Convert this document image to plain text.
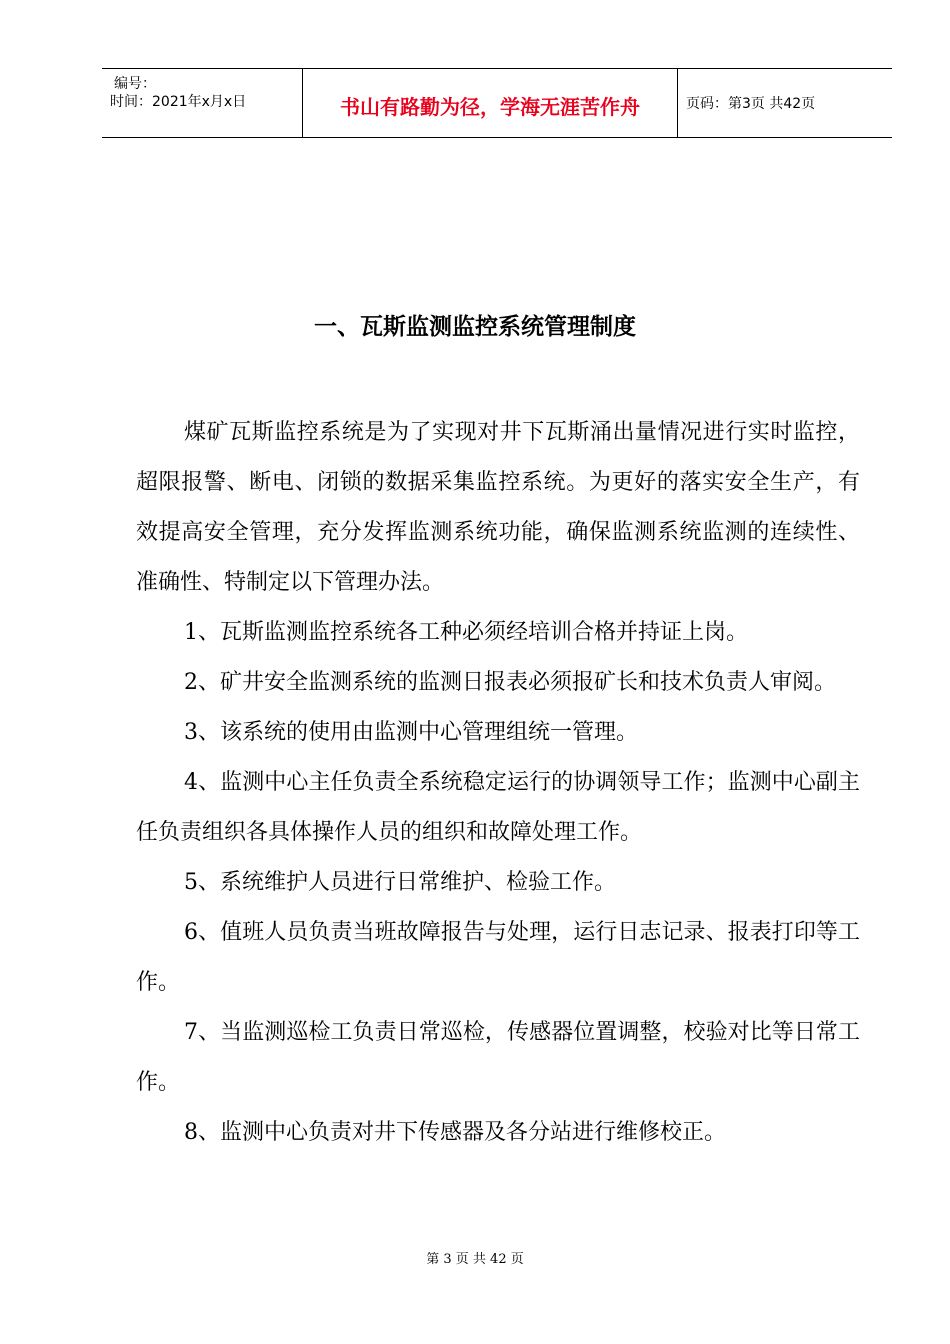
编号：
时间：2021年x月x日	书山有路勤为径，学海无涯苦作舟	页码：第3页 共42页
一、瓦斯监测监控系统管理制度

煤矿瓦斯监控系统是为了实现对井下瓦斯涌出量情况进行实时监控，超限报警、断电、闭锁的数据采集监控系统。为更好的落实安全生产，有效提高安全管理，充分发挥监测系统功能，确保监测系统监测的连续性、准确性、特制定以下管理办法。

1、瓦斯监测监控系统各工种必须经培训合格并持证上岗。

2、矿井安全监测系统的监测日报表必须报矿长和技术负责人审阅。

3、该系统的使用由监测中心管理组统一管理。

4、监测中心主任负责全系统稳定运行的协调领导工作；监测中心副主任负责组织各具体操作人员的组织和故障处理工作。

5、系统维护人员进行日常维护、检验工作。

6、值班人员负责当班故障报告与处理，运行日志记录、报表打印等工作。

7、当监测巡检工负责日常巡检，传感器位置调整，校验对比等日常工作。

8、监测中心负责对井下传感器及各分站进行维修校正。

第 3 页 共 42 页
